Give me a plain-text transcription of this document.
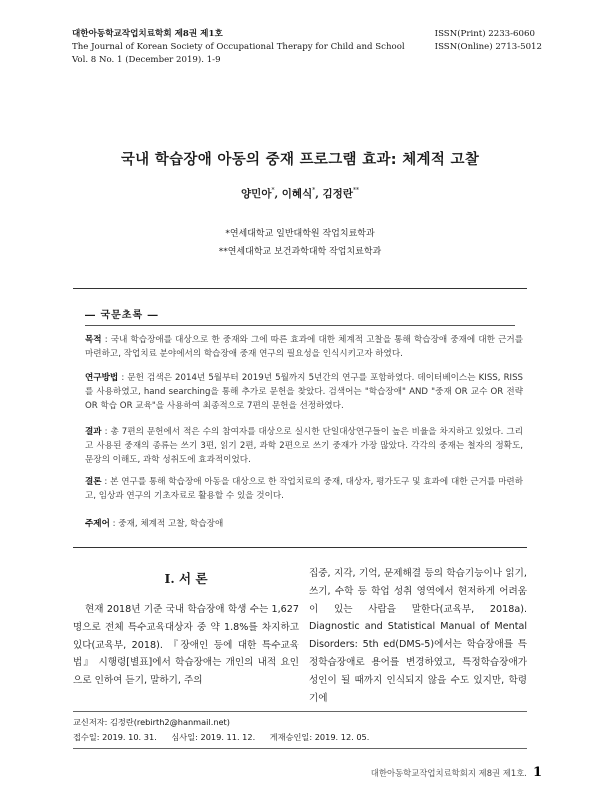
대한아동학교작업치료학회 제8권 제1호
The Journal of Korean Society of Occupational Therapy for Child and School
Vol. 8 No. 1 (December 2019). 1-9
ISSN(Print) 2233-6060
ISSN(Online) 2713-5012
국내 학습장애 아동의 중재 프로그램 효과: 체계적 고찰
양민아*, 이혜식*, 김정란**
*연세대학교 일반대학원 작업치료학과
**연세대학교 보건과학대학 작업치료학과
― 국문초록 ―
목적 : 국내 학습장애를 대상으로 한 중재와 그에 따른 효과에 대한 체계적 고찰을 통해 학습장애 중재에 대한 근거를 마련하고, 작업치료 분야에서의 학습장애 중재 연구의 필요성을 인식시키고자 하였다.
연구방법 : 문헌 검색은 2014년 5월부터 2019년 5월까지 5년간의 연구를 포함하였다. 데이터베이스는 KISS, RISS를 사용하였고, hand searching을 통해 추가로 문헌을 찾았다. 검색어는 "학습장애" AND "중재 OR 교수 OR 전략 OR 학습 OR 교육"을 사용하여 최종적으로 7편의 문헌을 선정하였다.
결과 : 총 7편의 문헌에서 적은 수의 참여자를 대상으로 실시한 단일대상연구들이 높은 비율을 차지하고 있었다. 그리고 사용된 중재의 종류는 쓰기 3편, 읽기 2편, 과학 2편으로 쓰기 중재가 가장 많았다. 각각의 중재는 철자의 정확도, 문장의 이해도, 과학 성취도에 효과적이었다.
결론 : 본 연구를 통해 학습장애 아동을 대상으로 한 작업치료의 중재, 대상자, 평가도구 및 효과에 대한 근거를 마련하고, 임상과 연구의 기초자료로 활용할 수 있을 것이다.
주제어 : 중재, 체계적 고찰, 학습장애
Ⅰ. 서 론
현재 2018년 기준 국내 학습장애 학생 수는 1,627명으로 전체 특수교육대상자 중 약 1.8%를 차지하고 있다(교육부, 2018). 『장애인 등에 대한 특수교육법』 시행령[별표]에서 학습장애는 개인의 내적 요인으로 인하여 듣기, 말하기, 주의
집중, 지각, 기억, 문제해결 등의 학습기능이나 읽기, 쓰기, 수학 등 학업 성취 영역에서 현저하게 어려움이 있는 사람을 말한다(교육부, 2018a). Diagnostic and Statistical Manual of Mental Disorders: 5th ed(DMS-5)에서는 학습장애를 특정학습장애로 용어를 변경하였고, 특정학습장애가 성인이 될 때까지 인식되지 않을 수도 있지만, 학령기에
교신저자: 김정란(rebirth2@hanmail.net)
접수일: 2019. 10. 31. 심사일: 2019. 11. 12. 게재승인일: 2019. 12. 05.
대한아동학교작업치료학회지 제8권 제1호. 1
